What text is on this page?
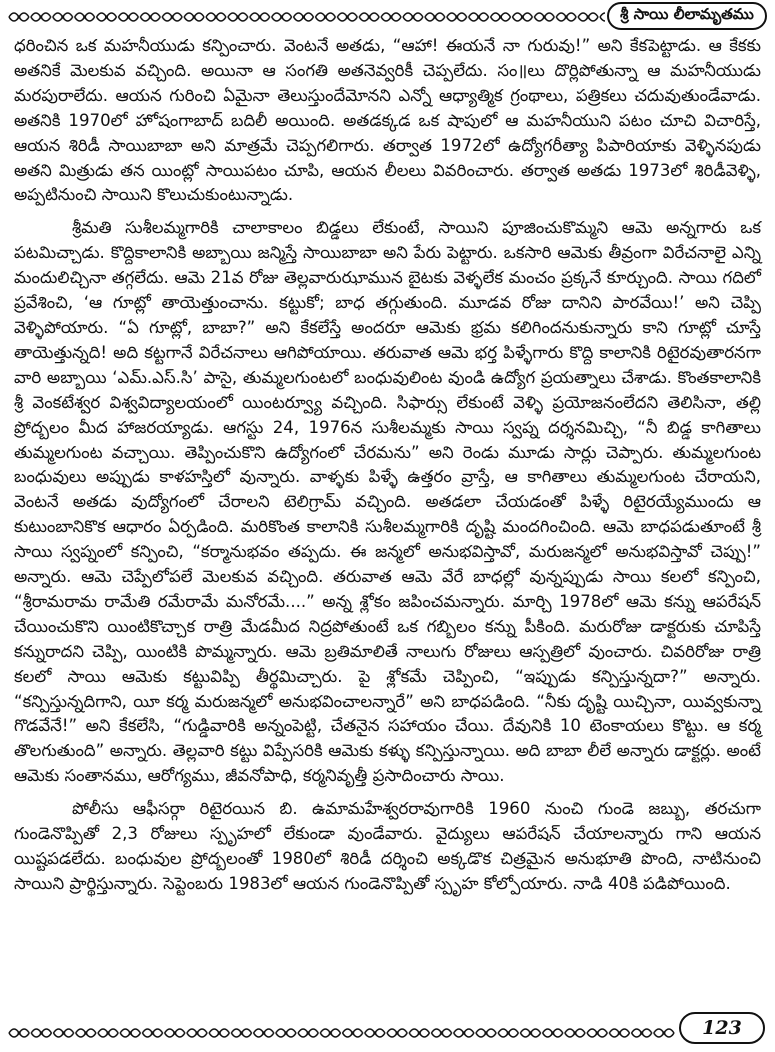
శ్రీ సాయి లీలామృతము

ధరించిన ఒక మహనీయుడు కన్పించారు. వెంటనే అతడు, “ఆహా! ఈయనే నా గురువు!” అని కేకపెట్టాడు. ఆ కేకకు అతనికే మెలకువ వచ్చింది. అయినా ఆ సంగతి అతనెవ్వరికీ చెప్పలేదు. సం॥లు దొర్లిపోతున్నా ఆ మహనీయుడు మరపురాలేదు. ఆయన గురించి ఏమైనా తెలుస్తుందేమోనని ఎన్నో ఆధ్యాత్మిక గ్రంథాలు, పత్రికలు చదువుతుండేవాడు. అతనికి 1970లో హోషంగాబాద్ బదిలీ అయింది. అతడక్కడ ఒక షాపులో ఆ మహనీయుని పటం చూచి విచారిస్తే, ఆయన శిరిడీ సాయిబాబా అని మాత్రమే చెప్పగలిగారు. తర్వాత 1972లో ఉద్యోగరీత్యా పిపారియాకు వెళ్ళినపుడు అతని మిత్రుడు తన యింట్లో సాయిపటం చూపి, ఆయన లీలలు వివరించారు. తర్వాత అతడు 1973లో శిరిడీవెళ్ళి, అప్పటినుంచి సాయిని కొలుచుకుంటున్నాడు.

శ్రీమతి సుశీలమ్మగారికి చాలాకాలం బిడ్డలు లేకుంటే, సాయిని పూజించుకొమ్మని ఆమె అన్నగారు ఒక పటమిచ్చాడు. కొద్దికాలానికి అబ్బాయి జన్మిస్తే సాయిబాబా అని పేరు పెట్టారు. ఒకసారి ఆమెకు తీవ్రంగా విరేచనాలై ఎన్ని మందులిచ్చినా తగ్గలేదు. ఆమె 21వ రోజు తెల్లవారుఝామున బైటకు వెళ్ళలేక మంచం ప్రక్కనే కూర్చుంది. సాయి గదిలో ప్రవేశించి, ‘ఆ గూట్లో తాయెత్తుంచాను. కట్టుకో; బాధ తగ్గుతుంది. మూడవ రోజు దానిని పారవేయి!’ అని చెప్పి వెళ్ళిపోయారు. “ఏ గూట్లో, బాబా?” అని కేకలేస్తే అందరూ ఆమెకు భ్రమ కలిగిందనుకున్నారు కాని గూట్లో చూస్తే తాయెత్తున్నది! అది కట్టగానే విరేచనాలు ఆగిపోయాయి. తరువాత ఆమె భర్త పిళ్ళేగారు కొద్ది కాలానికి రిటైరవుతారనగా వారి అబ్బాయి ‘ఎమ్.ఎస్.సి’ పాసై, తుమ్మలగుంటలో బంధువులింట వుండి ఉద్యోగ ప్రయత్నాలు చేశాడు. కొంతకాలానికి శ్రీ వెంకటేశ్వర విశ్వవిద్యాలయంలో యింటర్వ్యూ వచ్చింది. సిఫార్సు లేకుంటే వెళ్ళి ప్రయోజనంలేదని తెలిసినా, తల్లి ప్రోద్బలం మీద హాజరయ్యాడు. ఆగస్టు 24, 1976న సుశీలమ్మకు సాయి స్వప్న దర్శనమిచ్చి, “నీ బిడ్డ కాగితాలు తుమ్మలగుంట వచ్చాయి. తెప్పించుకొని ఉద్యోగంలో చేరమను” అని రెండు మూడు సార్లు చెప్పారు. తుమ్మలగుంట బంధువులు అప్పుడు కాళహస్తిలో వున్నారు. వాళ్ళకు పిళ్ళే ఉత్తరం వ్రాస్తే, ఆ కాగితాలు తుమ్మలగుంట చేరాయని, వెంటనే అతడు వుద్యోగంలో చేరాలని టెలిగ్రామ్ వచ్చింది. అతడలా చేయడంతో పిళ్ళే రిటైరయ్యేముందు ఆ కుటుంబానికొక ఆధారం ఏర్పడింది. మరికొంత కాలానికి సుశీలమ్మగారికి దృష్టి మందగించింది. ఆమె బాధపడుతూంటే శ్రీ సాయి స్వప్నంలో కన్పించి, “కర్మానుభవం తప్పదు. ఈ జన్మలో అనుభవిస్తావో, మరుజన్మలో అనుభవిస్తావో చెప్పు!” అన్నారు. ఆమె చెప్పేలోపలే మెలకువ వచ్చింది. తరువాత ఆమె వేరే బాధల్లో వున్నప్పుడు సాయి కలలో కన్పించి, “శ్రీరామరామ రామేతి రమేరామే మనోరమే....” అన్న శ్లోకం జపించమన్నారు. మార్చి 1978లో ఆమె కన్ను ఆపరేషన్ చేయించుకొని యింటికొచ్చాక రాత్రి మేడమీద నిద్రపోతుంటే ఒక గబ్బిలం కన్ను పీకింది. మరురోజు డాక్టరుకు చూపిస్తే కన్నురాదని చెప్పి, యింటికి పొమ్మన్నారు. ఆమె బ్రతిమాలితే నాలుగు రోజులు ఆస్పత్రిలో వుంచారు. చివరిరోజు రాత్రి కలలో సాయి ఆమెకు కట్టువిప్పి తీర్థమిచ్చారు. పై శ్లోకమే చెప్పించి, “ఇప్పుడు కన్పిస్తున్నదా?” అన్నారు. “కన్పిస్తున్నదిగాని, యీ కర్మ మరుజన్మలో అనుభవించాలన్నారే” అని బాధపడింది. “నీకు దృష్టి యిచ్చినా, యివ్వకున్నా గొడవేనే!” అని కేకలేసి, “గుడ్డివారికి అన్నంపెట్టి, చేతనైన సహాయం చేయి. దేవునికి 10 టెంకాయలు కొట్టు. ఆ కర్మ తొలగుతుంది” అన్నారు. తెల్లవారి కట్టు విప్పేసరికి ఆమెకు కళ్ళు కన్పిస్తున్నాయి. అది బాబా లీలే అన్నారు డాక్టర్లు. అంటే ఆమెకు సంతానము, ఆరోగ్యము, జీవనోపాధి, కర్మనివృత్తీ ప్రసాదించారు సాయి.

పోలీసు ఆఫీసర్గా రిటైరయిన బి. ఉమామహేశ్వరరావుగారికి 1960 నుంచి గుండె జబ్బు, తరచుగా గుండెనొప్పితో 2,3 రోజులు స్పృహలో లేకుండా వుండేవారు. వైద్యులు ఆపరేషన్ చేయాలన్నారు గాని ఆయన యిష్టపడలేదు. బంధువుల ప్రోద్బలంతో 1980లో శిరిడీ దర్శించి అక్కడొక చిత్రమైన అనుభూతి పొంది, నాటినుంచి సాయిని ప్రార్థిస్తున్నారు. సెప్టెంబరు 1983లో ఆయన గుండెనొప్పితో స్పృహ కోల్పోయారు. నాడి 40కి పడిపోయింది.

123
